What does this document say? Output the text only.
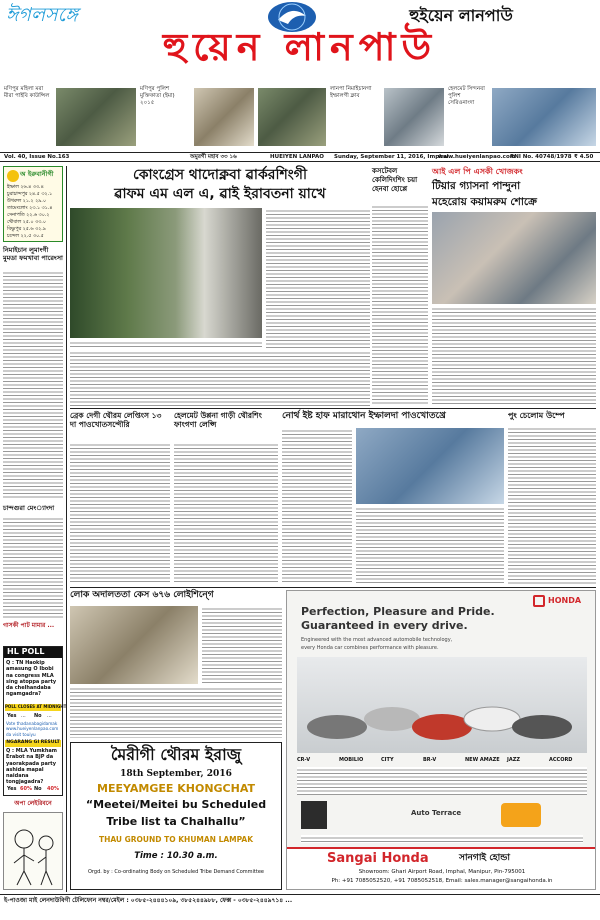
ঈগলসঙ্গে	হুইয়েন লানপাউ
হুয়েন লানপাউ
মণিপুর মহিলা মরা মীরা পাইবি কাউন্সিল
মণিপুর পুলিশ মুক্তিকাতা (ইমা) ২০১৫
লানপা নিমাইচানগা ইম্ফালগী ক্লাব
হেলমেট সিন্দনবা পুলিশ সেরিওনাংদা
Vol. 40, Issue No.163	অমুরগী মহাব ৩৩ ১৬	HUEIYEN LANPAO	Sunday, September 11, 2016, Imphal
www.hueiyenlanpao.com
RNI No. 40748/1978 ₹ 4.50
অ ইরুবানীগী
ইম্ফাল ২৬.৪ ৩৩.৪
চুরাচান্দপুর ২৪.৫ ৩২.১
উখরুল ২১.২ ২৯.০
তামেংলোং ২৩.১ ৩১.৪
সেনাপতি ২২.৬ ৩০.২
থৌবাল ২৫.০ ৩৩.০
বিষ্ণুপুর ২৫.৬ ৩২.৯
চন্দেল ২২.৫ ৩০.৫
নিমাইচান লুমাংগী মুমডা ফমখাবা পারেংসা
চান্দগুরা মেং্যাংদা
গাসকী পাট মামার ...
HL POLL
Q : TN Haokip amasung O Ibobi na congress MLA sing atoppa party da chelhandaba ngamgadra?
POLL CLOSES AT MIDNIGHT
Yes ...	No	...
Vote thadanabagidamak www.hueiyenlanpao.com da visit touiyu
NGARANG GI RESULT
Q : MLA Yumkham Erabot na BJP da yaorakpada party ashida mapal naidana tongjagadra?
Yes 60% No	40%
অপা লেইরিবনে
কোংগ্রেস থাদোক্নবা ৱার্করশিংগী
ৱাফম এম এল এ, ৱাই ইরাবতনা য়াখে
কসটেবল কেলিদিংশিং চয়া হেনবা হোপ্পে
আই এল পি এসকী খোজকং
টিয়ার গ্যাসনা পান্দুনা
মহেরোয় কয়ামরুম শোক্রে
ব্রেক দেগী থৌরম লেপ্তিংস ১৩ দা পাওখোতসন্দৌরি
হেলমেট উপ্পনা গাড়ী থৌরশিং ফাংগণা লেপ্সি
নোর্থ ইষ্ট হাফ মারাথোন ইম্ফালদা পাওখোতখ্রে	পুং চেলোম উম্পে
লোক অদালততা কেস ৬৭৬ লোইশিন্গে
মৈরীগী থৌরম ইরাজু
18th September, 2016
MEEYAMGEE KHONGCHAT
“Meetei/Meitei bu Scheduled
Tribe list ta Chalhallu”
THAU GROUND TO KHUMAN LAMPAK
Time : 10.30 a.m.
Orgd. by : Co-ordinating Body on Scheduled Tribe Demand Committee
HONDA
Perfection, Pleasure and Pride.
Guaranteed in every drive.
Engineered with the most advanced automobile technology,
every Honda car combines performance with pleasure.
CR-V	MOBILIO	CITY	BR-V	NEW AMAZE	JAZZ	ACCORD
Auto Terrace
Sangai Honda	সানগাই হোন্ডা
Showroom: Ghari Airport Road, Imphal, Manipur, Pin-795001
Ph: +91 7085052520, +91 7085052518, Email: sales.manager@sangaihonda.in
ই-পাওজা মাই লেনদাউবিগী টেলিফোন নম্বর/মেইল : ০৩৮৫-২৪৪৪১০৯, ৩৮৫২৪৪৯৮৮, ফেক্স - ০৩৮৫-২৪৪৯৭১৪ ...
